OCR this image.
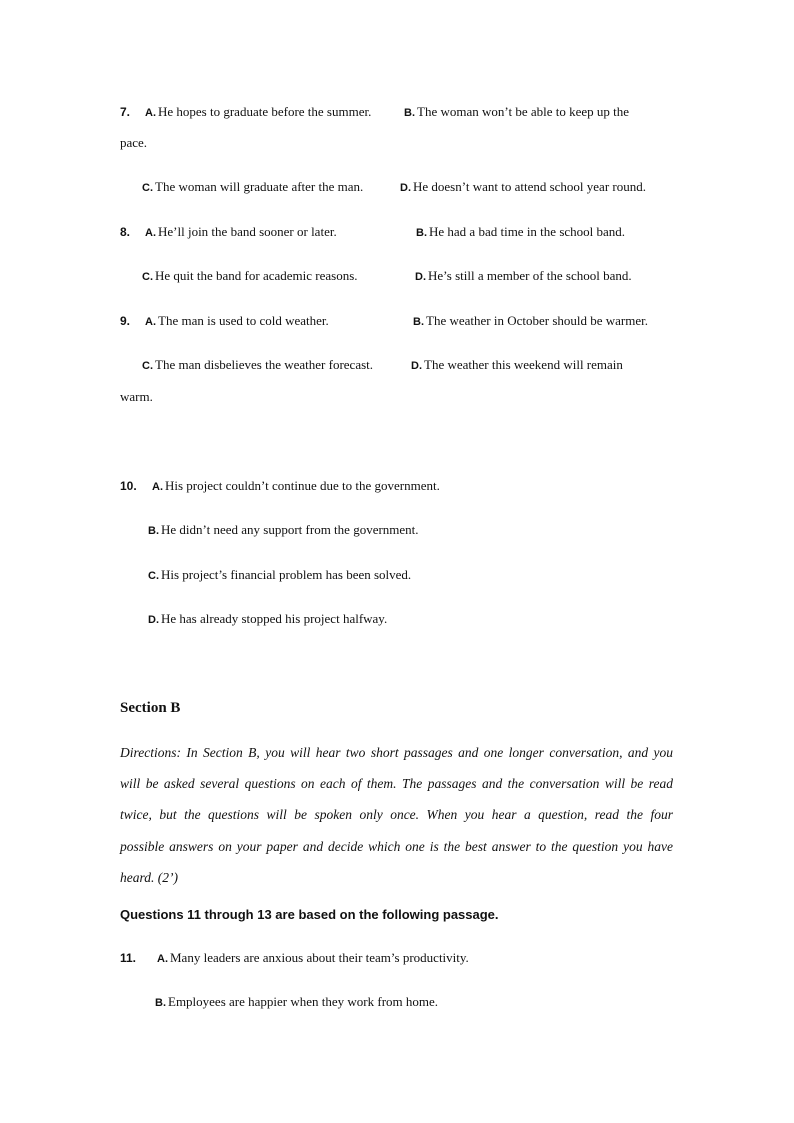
7. A. He hopes to graduate before the summer.	B. The woman won’t be able to keep up the
pace.
C. The woman will graduate after the man.	D. He doesn’t want to attend school year round.
8. A. He’ll join the band sooner or later.	B. He had a bad time in the school band.
C. He quit the band for academic reasons.	D. He’s still a member of the school band.
9. A. The man is used to cold weather.	B. The weather in October should be warmer.
C. The man disbelieves the weather forecast.	D. The weather this weekend will remain
warm.
10. A. His project couldn’t continue due to the government.
B. He didn’t need any support from the government.
C. His project’s financial problem has been solved.
D. He has already stopped his project halfway.
Section B
Directions: In Section B, you will hear two short passages and one longer conversation, and you
will be asked several questions on each of them. The passages and the conversation will be read
twice, but the questions will be spoken only once. When you hear a question, read the four
possible answers on your paper and decide which one is the best answer to the question you have
heard. (2’)
Questions 11 through 13 are based on the following passage.
11. A. Many leaders are anxious about their team’s productivity.
B. Employees are happier when they work from home.
